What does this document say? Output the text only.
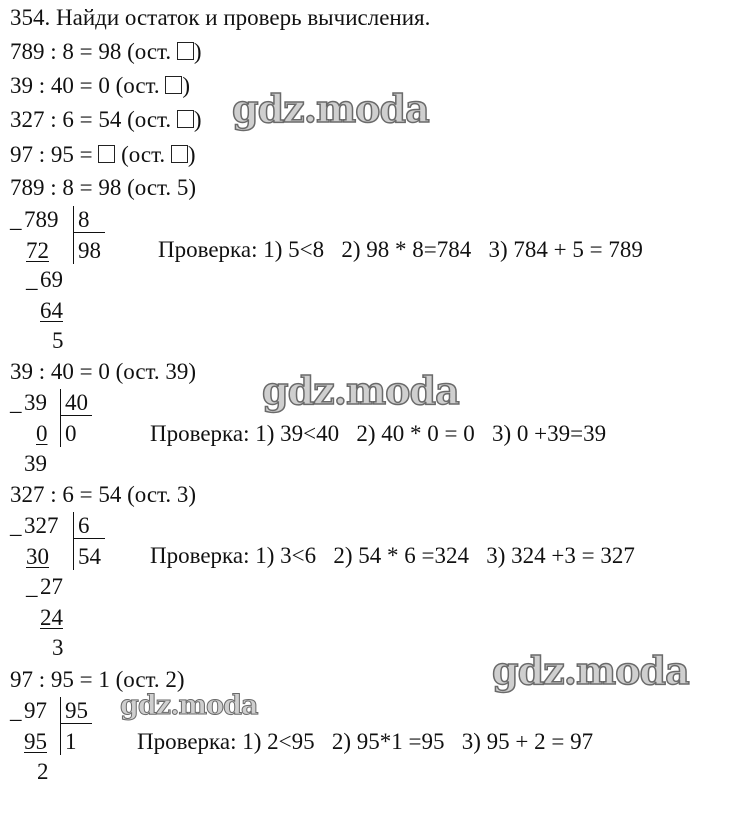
354. Найди остаток и проверь вычисления.
789 : 8 = 98 (ост. )
39 : 40 = 0 (ост. )
327 : 6 = 54 (ост. )
97 : 95 =  (ост. )
789 : 8 = 98 (ост. 5)
_ 789 8
72 98 Проверка: 1) 5<8   2) 98 * 8=784   3) 784 + 5 = 789
_ 69
64
5
39 : 40 = 0 (ост. 39)
_ 39 40
0 0	Проверка: 1) 39<40   2) 40 * 0 = 0   3) 0 +39=39
39
327 : 6 = 54 (ост. 3)
_ 327 6
30 54 Проверка: 1) 3<6   2) 54 * 6 =324   3) 324 +3 = 327
_ 27
24
3
97 : 95 = 1 (ост. 2)
_ 97 95
95 1	Проверка: 1) 2<95   2) 95*1 =95   3) 95 + 2 = 97
2
gdz.moda
gdz.moda
gdz.moda
gdz.moda
